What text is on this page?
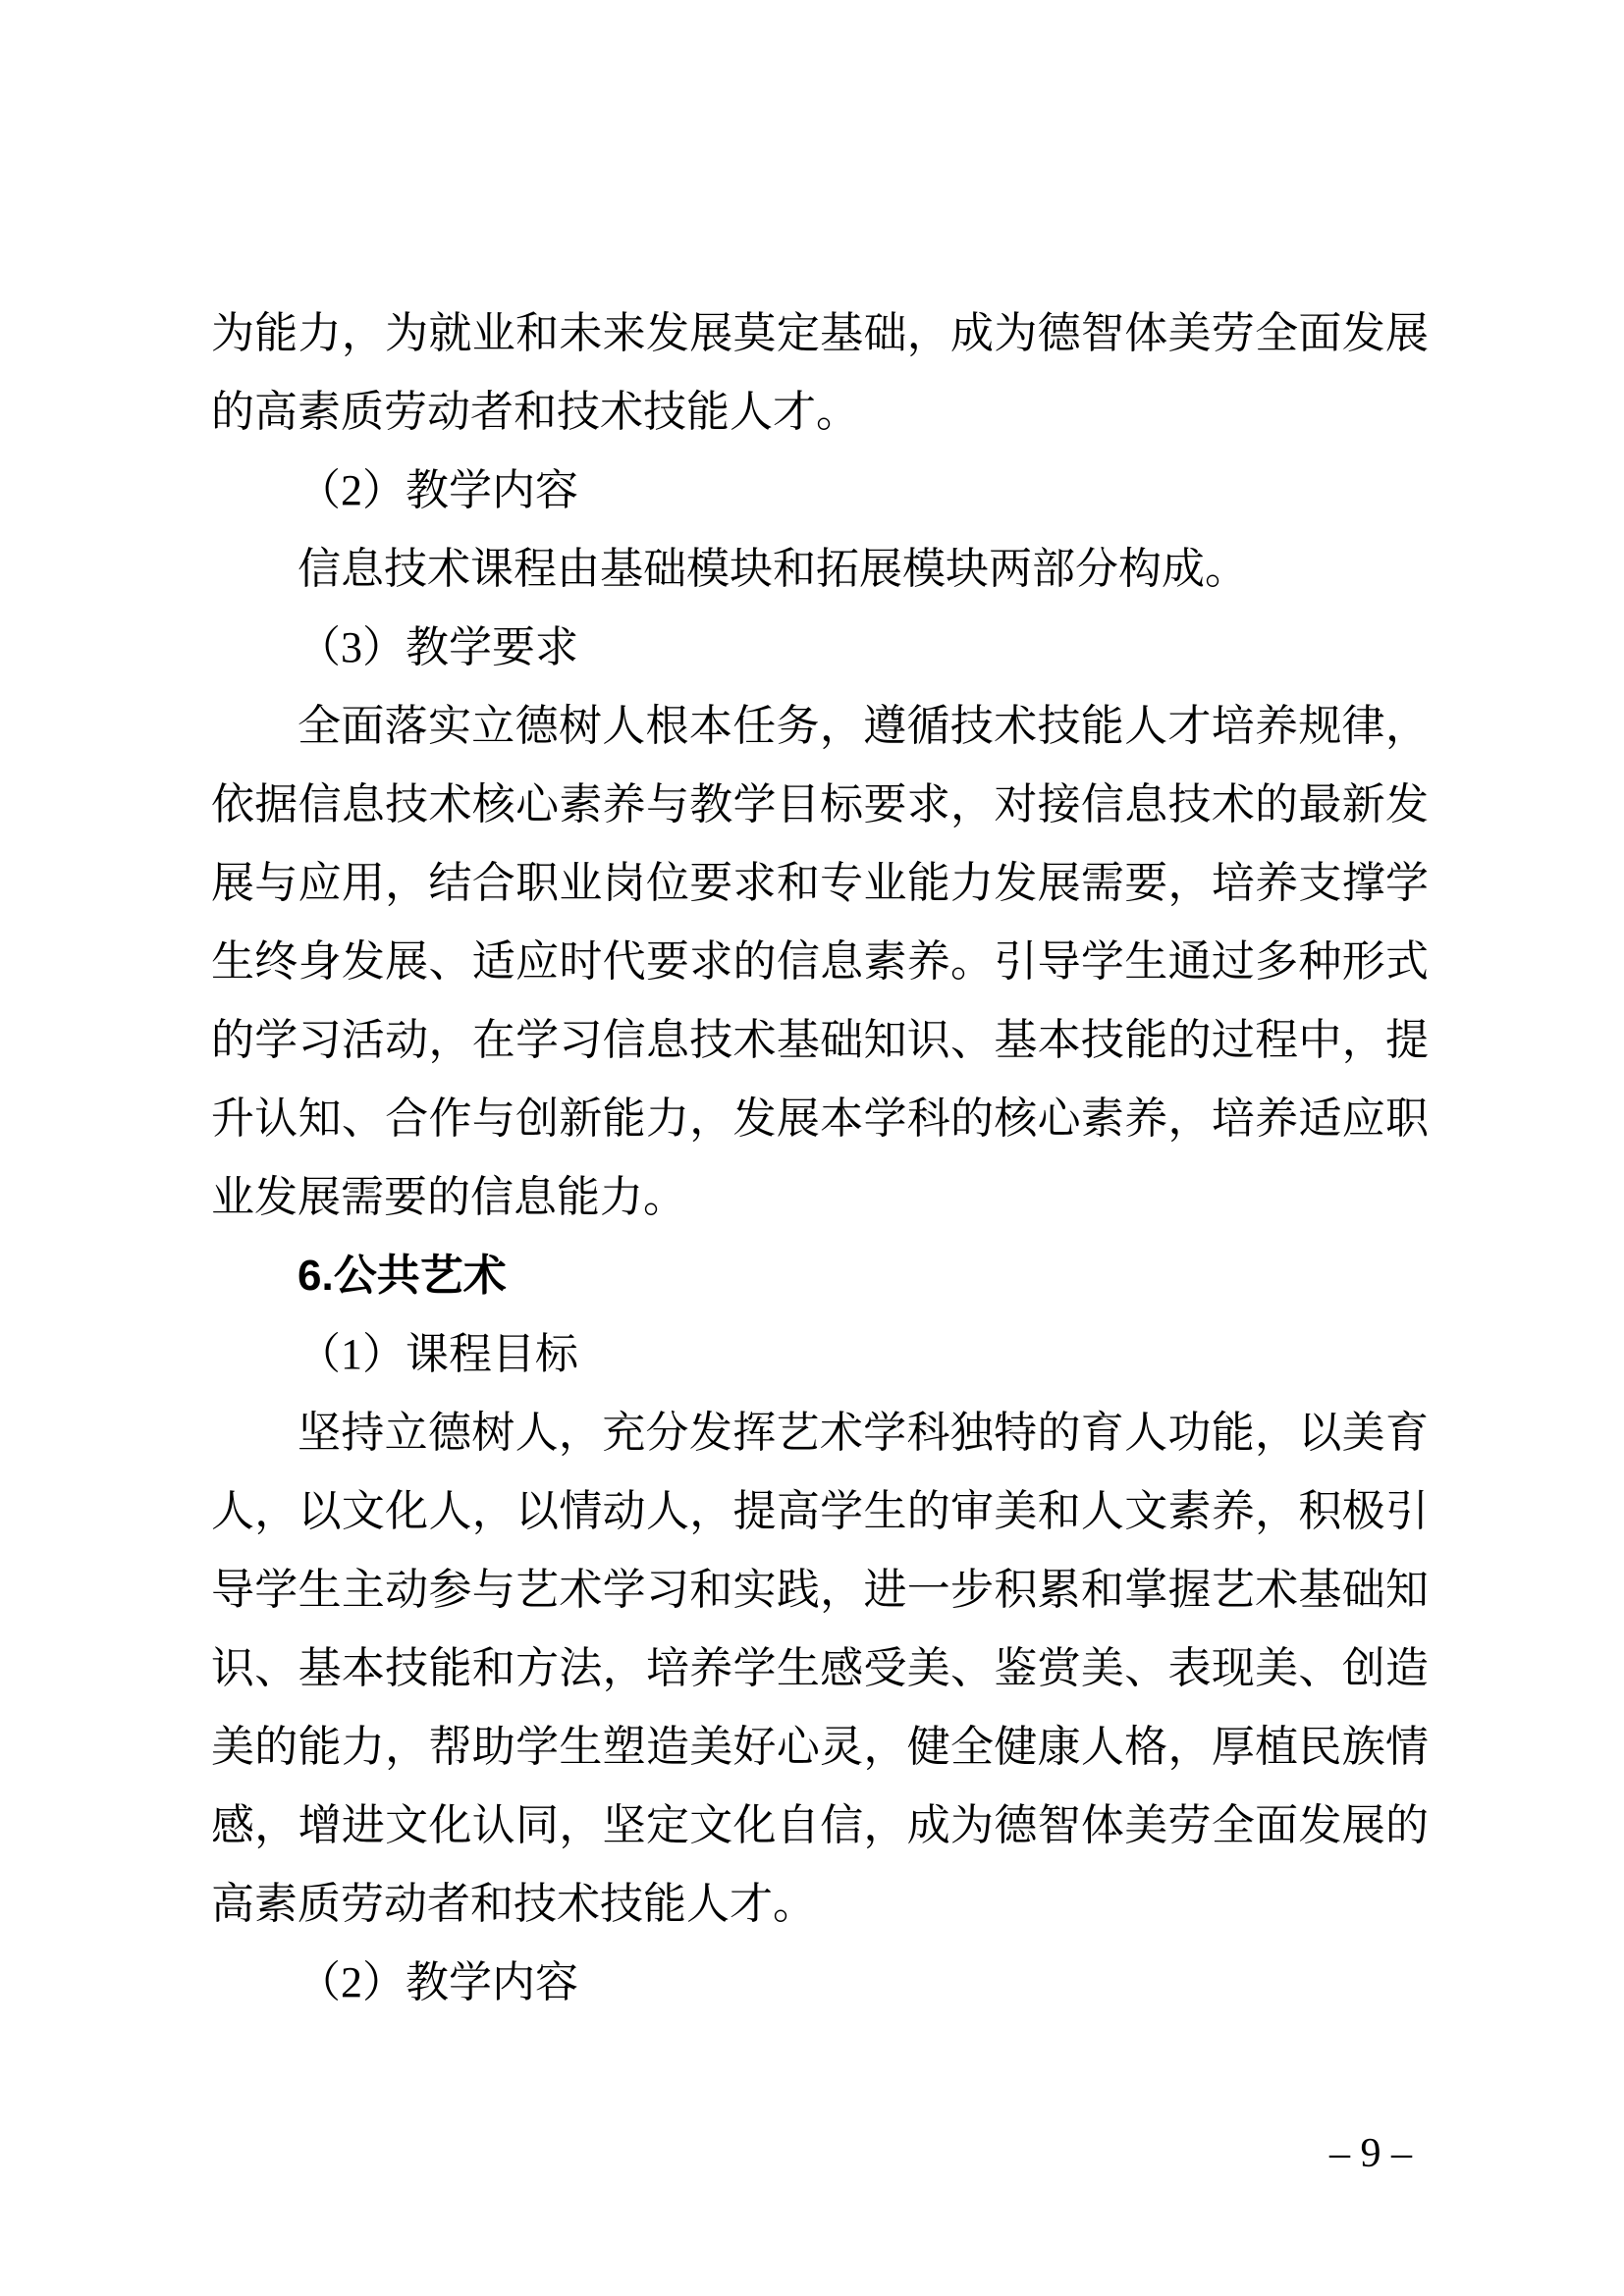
为能力，为就业和未来发展莫定基础，成为德智体美劳全面发展的高素质劳动者和技术技能人才。

（2）教学内容

信息技术课程由基础模块和拓展模块两部分构成。

（3）教学要求

全面落实立德树人根本任务，遵循技术技能人才培养规律，依据信息技术核心素养与教学目标要求，对接信息技术的最新发展与应用，结合职业岗位要求和专业能力发展需要，培养支撑学生终身发展、适应时代要求的信息素养。引导学生通过多种形式的学习活动，在学习信息技术基础知识、基本技能的过程中，提升认知、合作与创新能力，发展本学科的核心素养，培养适应职业发展需要的信息能力。

6.公共艺术

（1）课程目标

坚持立德树人，充分发挥艺术学科独特的育人功能，以美育人，以文化人，以情动人，提高学生的审美和人文素养，积极引导学生主动参与艺术学习和实践，进一步积累和掌握艺术基础知识、基本技能和方法，培养学生感受美、鉴赏美、表现美、创造美的能力，帮助学生塑造美好心灵，健全健康人格，厚植民族情感，增进文化认同，坚定文化自信，成为德智体美劳全面发展的高素质劳动者和技术技能人才。

（2）教学内容

– 9 –
